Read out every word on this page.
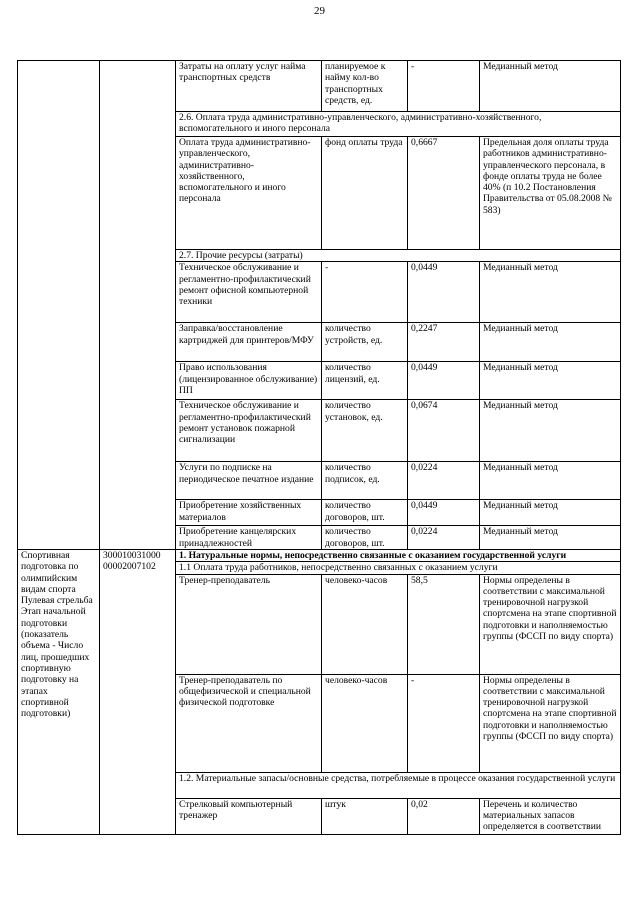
29
		Затраты на оплату услуг найма транспортных средств	планируемое к найму кол-во транспортных средств, ед.	-	Медианный метод
		2.6. Оплата труда административно-управленческого, административно-хозяйственного, вспомогательного и иного персонала			
		Оплата труда административно-управленческого, административно-хозяйственного, вспомогательного и иного персонала	фонд оплаты труда	0,6667	Предельная доля оплаты труда работников административно-управленческого персонала, в фонде оплаты труда не более 40% (п 10.2 Постановления Правительства от 05.08.2008 № 583)
		2.7. Прочие ресурсы (затраты)			
		Техническое обслуживание и регламентно-профилактический ремонт офисной компьютерной техники	-	0,0449	Медианный метод
		Заправка/восстановление картриджей для принтеров/МФУ	количество устройств, ед.	0,2247	Медианный метод
		Право использования (лицензированное обслуживание) ПП	количество лицензий, ед.	0,0449	Медианный метод
		Техническое обслуживание и регламентно-профилактический ремонт установок пожарной сигнализации	количество установок, ед.	0,0674	Медианный метод
		Услуги по подписке на периодическое печатное издание	количество подписок, ед.	0,0224	Медианный метод
		Приобретение хозяйственных материалов	количество договоров, шт.	0,0449	Медианный метод
		Приобретение канцелярских принадлежностей	количество договоров, шт.	0,0224	Медианный метод
Спортивная подготовка по олимпийским видам спорта Пулевая стрельба Этап начальной подготовки (показатель объема - Число лиц, прошедших спортивную подготовку на этапах спортивной подготовки)	300010031000 00002007102	1. Натуральные нормы, непосредственно связанные с оказанием государственной услуги			
		1.1 Оплата труда работников, непосредственно связанных с оказанием услуги			
		Тренер-преподаватель	человеко-часов	58,5	Нормы определены в соответствии с максимальной тренировочной нагрузкой спортсмена на этапе спортивной подготовки и наполняемостью группы (ФССП по виду спорта)
		Тренер-преподаватель по общефизической и специальной физической подготовке	человеко-часов	-	Нормы определены в соответствии с максимальной тренировочной нагрузкой спортсмена на этапе спортивной подготовки и наполняемостью группы (ФССП по виду спорта)
		1.2. Материальные запасы/основные средства, потребляемые в процессе оказания государственной услуги			
		Стрелковый компьютерный тренажер	штук	0,02	Перечень и количество материальных запасов определяется в соответствии
